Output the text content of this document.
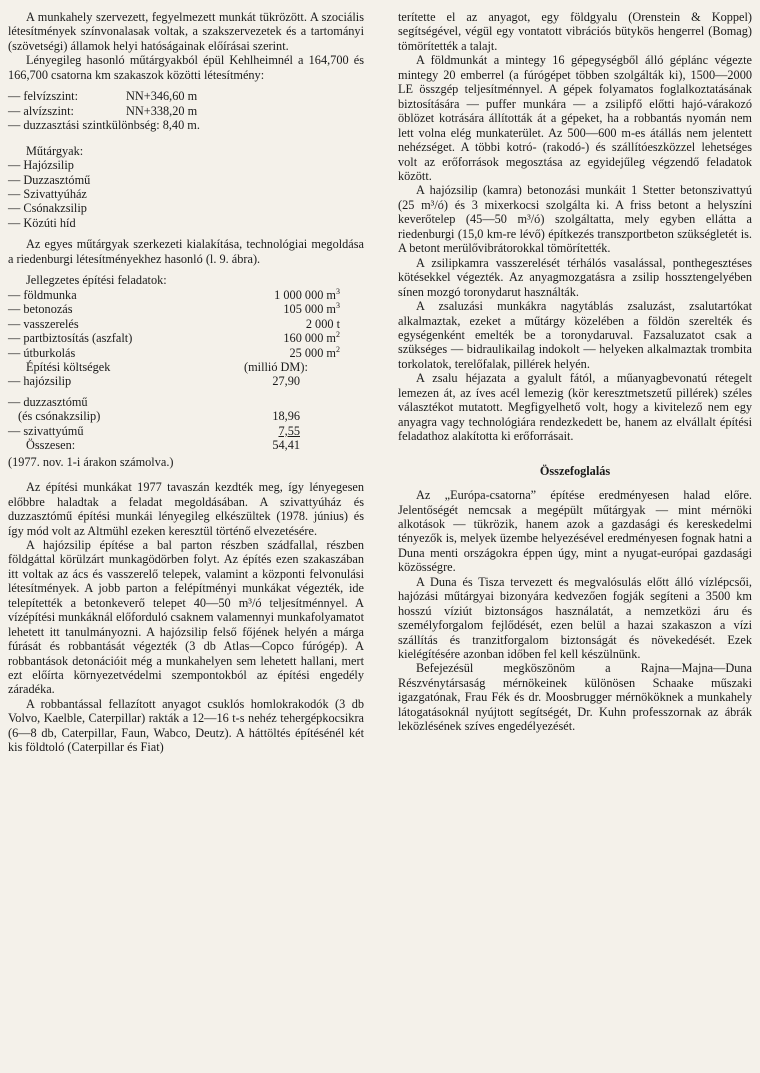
A munkahely szervezett, fegyelmezett munkát tükrözött. A szociális létesítmények színvonalasak voltak, a szakszervezetek és a tartományi (szövetségi) államok helyi hatóságainak előírásai szerint.

Lényegileg hasonló műtárgyakból épül Kehlheimnél a 164,700 és 166,700 csatorna km szakaszok közötti létesítmény:

— felvízszint:	NN+346,60 m
— alvízszint:	NN+338,20 m
— duzzasztási szintkülönbség: 8,40 m.
Műtárgyak:
— Hajózsilip
— Duzzasztómű
— Szivattyúház
— Csónakzsilip
— Közúti híd

Az egyes műtárgyak szerkezeti kialakítása, technológiai megoldása a riedenburgi létesítményekhez hasonló (l. 9. ábra).

Jellegzetes építési feladatok:
— földmunka	1 000 000 $m^3$
— betonozás	105 000 $m^3$
— vasszerelés	2 000 t
— partbiztosítás (aszfalt)	160 000 $m^2$
— útburkolás	25 000 $m^2$
Építési költségek	(millió DM):
— hajózsilip	27,90
— duzzasztómű
(és csónakzsilip)	18,96
— szivattyúmű	7,55
Összesen:	54,41
(1977. nov. 1-i árakon számolva.)

Az építési munkákat 1977 tavaszán kezdték meg, így lényegesen előbbre haladtak a feladat megoldásában. A szivattyúház és duzzasztómű építési munkái lényegileg elkészültek (1978. június) és így mód volt az Altmühl ezeken keresztül történő elvezetésére.

A hajózsilip építése a bal parton részben szádfallal, részben földgáttal körülzárt munkagödörben folyt. Az építés ezen szakaszában itt voltak az ács és vasszerelő telepek, valamint a központi felvonulási létesítmények. A jobb parton a felépítményi munkákat végezték, ide telepítették a betonkeverő telepet 40—50 m³/ó teljesítménnyel. A vízépítési munkáknál előforduló csaknem valamennyi munkafolyamatot lehetett itt tanulmányozni. A hajózsilip felső főjének helyén a márga fúrását és robbantását végezték (3 db Atlas—Copco fúrógép). A robbantások detonációit még a munkahelyen sem lehetett hallani, mert ezt előírta környezetvédelmi szempontokból az építési engedély záradéka.

A robbantással fellazított anyagot csuklós homlokrakodók (3 db Volvo, Kaelble, Caterpillar) rakták a 12—16 t-s nehéz tehergépkocsikra (6—8 db, Caterpillar, Faun, Wabco, Deutz). A háttöltés építésénél két kis földtoló (Caterpillar és Fiat)

terítette el az anyagot, egy földgyalu (Orenstein & Koppel) segítségével, végül egy vontatott vibrációs bütykös hengerrel (Bomag) tömörítették a talajt.

A földmunkát a mintegy 16 gépegységből álló géplánc végezte mintegy 20 emberrel (a fúrógépet többen szolgálták ki), 1500—2000 LE összgép teljesítménnyel. A gépek folyamatos foglalkoztatásának biztosítására — puffer munkára — a zsilipfő előtti hajó-várakozó öblözet kotrására állították át a gépeket, ha a robbantás nyomán nem lett volna elég munkaterület. Az 500—600 m-es átállás nem jelentett nehézséget. A többi kotró- (rakodó-) és szállítóeszközzel lehetséges volt az erőforrások megosztása az egyidejűleg végzendő feladatok között.

A hajózsilip (kamra) betonozási munkáit 1 Stetter betonszivattyú (25 m³/ó) és 3 mixerkocsi szolgálta ki. A friss betont a helyszíni keverőtelep (45—50 m³/ó) szolgáltatta, mely egyben ellátta a riedenburgi (15,0 km-re lévő) építkezés transzportbeton szükségletét is. A betont merülővibrátorokkal tömörítették.

A zsilipkamra vasszerelését térhálós vasalással, ponthegesztéses kötésekkel végezték. Az anyagmozgatásra a zsilip hossztengelyében sínen mozgó toronydarut használták.

A zsaluzási munkákra nagytáblás zsaluzást, zsalutartókat alkalmaztak, ezeket a műtárgy közelében a földön szerelték és egységenként emelték be a toronydaruval. Fazsaluzatot csak a szükséges — bidraulikailag indokolt — helyeken alkalmaztak trombita torkolatok, terelőfalak, pillérek helyén.

A zsalu héjazata a gyalult fától, a műanyagbevonatú rétegelt lemezen át, az íves acél lemezig (kör keresztmetszetű pillérek) széles választékot mutatott. Megfigyelhető volt, hogy a kivitelező nem egy anyagra vagy technológiára rendezkedett be, hanem az elvállalt építési feladathoz alakította ki erőforrásait.

Összefoglalás

Az „Európa-csatorna” építése eredményesen halad előre. Jelentőségét nemcsak a megépült műtárgyak — mint mérnöki alkotások — tükrözik, hanem azok a gazdasági és kereskedelmi tényezők is, melyek üzembe helyezésével eredményesen fognak hatni a Duna menti országokra éppen úgy, mint a nyugat-európai gazdasági közösségre.

A Duna és Tisza tervezett és megvalósulás előtt álló vízlépcsői, hajózási műtárgyai bizonyára kedvezően fogják segíteni a 3500 km hosszú víziút biztonságos használatát, a nemzetközi áru és személyforgalom fejlődését, ezen belül a hazai szakaszon a vízi szállítás és tranzitforgalom biztonságát és növekedését. Ezek kielégítésére azonban időben fel kell készülnünk.

Befejezésül megköszönöm a Rajna—Majna—Duna Részvénytársaság mérnökeinek különösen Schaake műszaki igazgatónak, Frau Fék és dr. Moosbrugger mérnököknek a munkahely látogatásoknál nyújtott segítségét, Dr. Kuhn professzornak az ábrák leközlésének szíves engedélyezését.
